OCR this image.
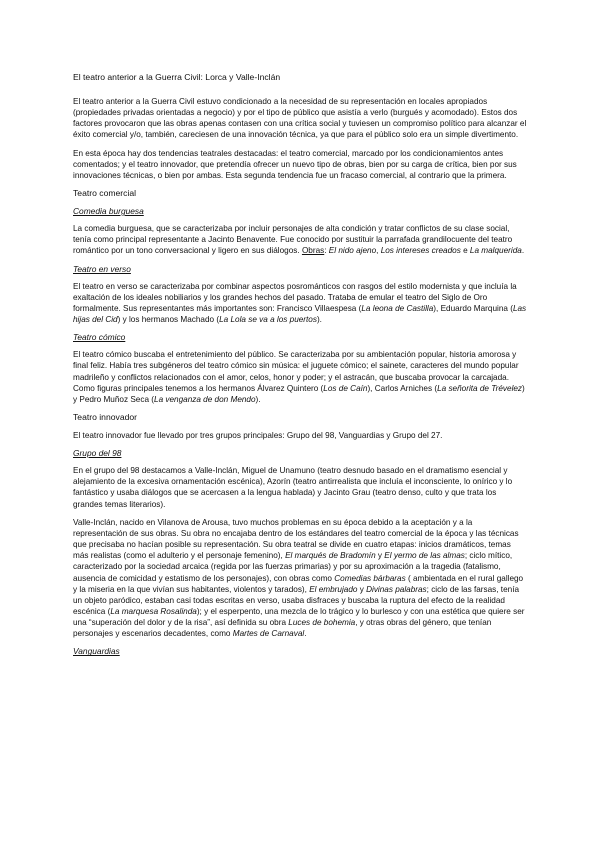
El teatro anterior a la Guerra Civil: Lorca y Valle-Inclán

El teatro anterior a la Guerra Civil estuvo condicionado a la necesidad de su representación en locales apropiados (propiedades privadas orientadas a negocio) y por el tipo de público que asistía a verlo (burgués y acomodado). Estos dos factores provocaron que las obras apenas contasen con una crítica social y tuviesen un compromiso político para alcanzar el éxito comercial y/o, también, careciesen de una innovación técnica, ya que para el público solo era un simple divertimento.

En esta época hay dos tendencias teatrales destacadas: el teatro comercial, marcado por los condicionamientos antes comentados; y el teatro innovador, que pretendía ofrecer un nuevo tipo de obras, bien por su carga de crítica, bien por sus innovaciones técnicas, o bien por ambas. Esta segunda tendencia fue un fracaso comercial, al contrario que la primera.

Teatro comercial
Comedia burguesa

La comedia burguesa, que se caracterizaba por incluir personajes de alta condición y tratar conflictos de su clase social, tenía como principal representante a Jacinto Benavente. Fue conocido por sustituir la parrafada grandilocuente del teatro romántico por un tono conversacional y ligero en sus diálogos. Obras: El nido ajeno, Los intereses creados e La malquerida.

Teatro en verso

El teatro en verso se caracterizaba por combinar aspectos posrománticos con rasgos del estilo modernista y que incluía la exaltación de los ideales nobiliarios y los grandes hechos del pasado. Trataba de emular el teatro del Siglo de Oro formalmente. Sus representantes más importantes son: Francisco Villaespesa (La leona de Castilla), Eduardo Marquina (Las hijas del Cid) y los hermanos Machado (La Lola se va a los puertos).

Teatro cómico

El teatro cómico buscaba el entretenimiento del público. Se caracterizaba por su ambientación popular, historia amorosa y final feliz. Había tres subgéneros del teatro cómico sin música: el juguete cómico; el sainete, caracteres del mundo popular madrileño y conflictos relacionados con el amor, celos, honor y poder; y el astracán, que buscaba provocar la carcajada. Como figuras principales tenemos a los hermanos Álvarez Quintero (Los de Caín), Carlos Arniches (La señorita de Trévelez) y Pedro Muñoz Seca (La venganza de don Mendo).

Teatro innovador

El teatro innovador fue llevado por tres grupos principales: Grupo del 98, Vanguardias y Grupo del 27.

Grupo del 98

En el grupo del 98 destacamos a Valle-Inclán, Miguel de Unamuno (teatro desnudo basado en el dramatismo esencial y alejamiento de la excesiva ornamentación escénica), Azorín (teatro antirrealista que incluía el inconsciente, lo onírico y lo fantástico y usaba diálogos que se acercasen a la lengua hablada) y Jacinto Grau (teatro denso, culto y que trata los grandes temas literarios).

Valle-Inclán, nacido en Vilanova de Arousa, tuvo muchos problemas en su época debido a la aceptación y a la representación de sus obras. Su obra no encajaba dentro de los estándares del teatro comercial de la época y las técnicas que precisaba no hacían posible su representación. Su obra teatral se divide en cuatro etapas: inicios dramáticos, temas más realistas (como el adulterio y el personaje femenino), El marqués de Bradomín y El yermo de las almas; ciclo mítico, caracterizado por la sociedad arcaica (regida por las fuerzas primarias) y por su aproximación a la tragedia (fatalismo, ausencia de comicidad y estatismo de los personajes), con obras como Comedias bárbaras ( ambientada en el rural gallego y la miseria en la que vivían sus habitantes, violentos y tarados), El embrujado y Divinas palabras; ciclo de las farsas, tenía un objeto paródico, estaban casi todas escritas en verso, usaba disfraces y buscaba la ruptura del efecto de la realidad escénica (La marquesa Rosalinda); y el esperpento, una mezcla de lo trágico y lo burlesco y con una estética que quiere ser una “superación del dolor y de la risa”, así definida su obra Luces de bohemia, y otras obras del género, que tenían personajes y escenarios decadentes, como Martes de Carnaval.

Vanguardias
